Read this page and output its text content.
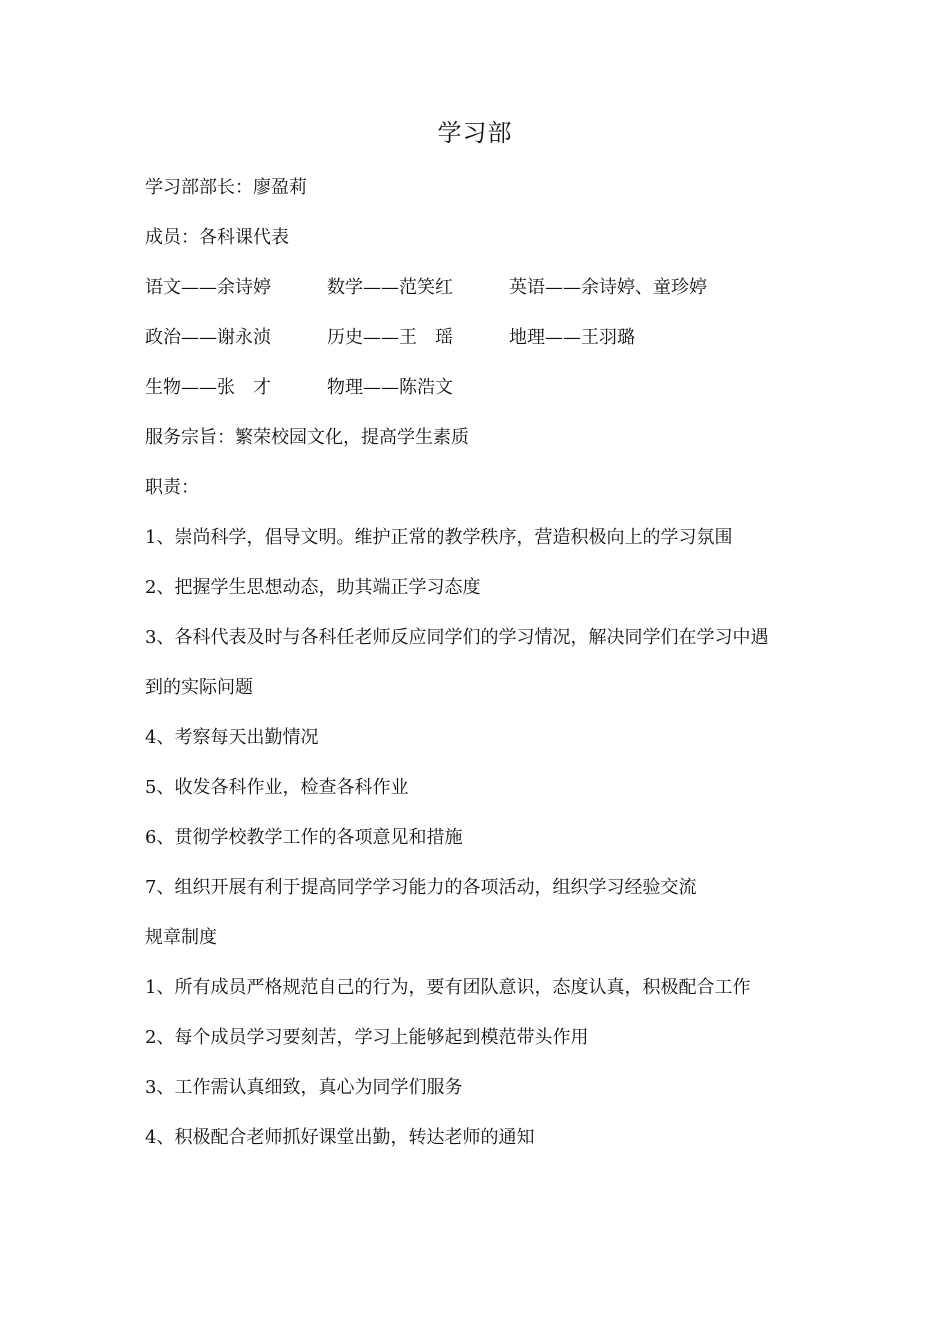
学习部
学习部部长：廖盈莉
成员：各科课代表
语文——余诗婷	数学——范笑红	英语——余诗婷、童珍婷
政治——谢永浈	历史——王　瑶	地理——王羽璐
生物——张　才	物理——陈浩文
服务宗旨：繁荣校园文化，提高学生素质
职责：
1、崇尚科学，倡导文明。维护正常的教学秩序，营造积极向上的学习氛围
2、把握学生思想动态，助其端正学习态度
3、各科代表及时与各科任老师反应同学们的学习情况，解决同学们在学习中遇
到的实际问题
4、考察每天出勤情况
5、收发各科作业，检查各科作业
6、贯彻学校教学工作的各项意见和措施
7、组织开展有利于提高同学学习能力的各项活动，组织学习经验交流
规章制度
1、所有成员严格规范自己的行为，要有团队意识，态度认真，积极配合工作
2、每个成员学习要刻苦，学习上能够起到模范带头作用
3、工作需认真细致，真心为同学们服务
4、积极配合老师抓好课堂出勤，转达老师的通知
